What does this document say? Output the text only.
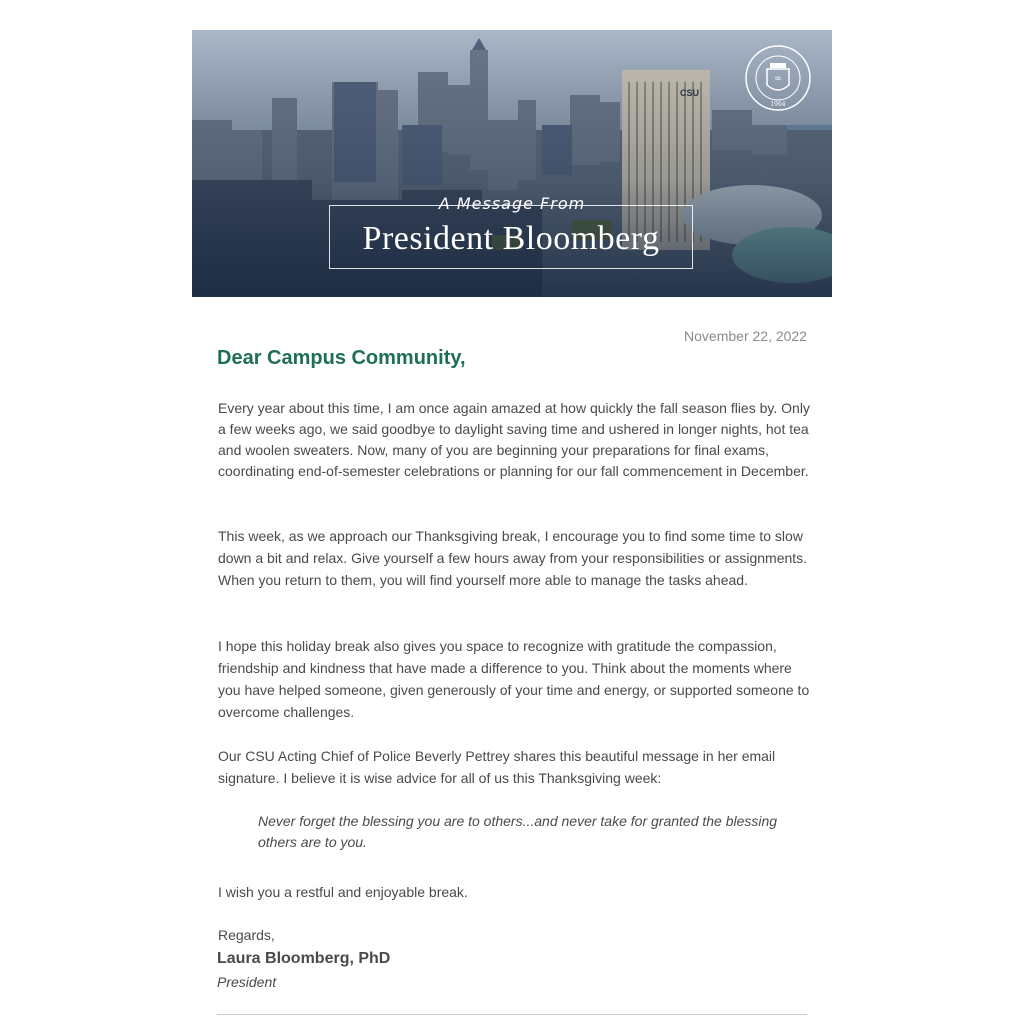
∞
1964
A Message From
President Bloomberg
November 22, 2022
Dear Campus Community,

Every year about this time, I am once again amazed at how quickly the fall season flies by. Only a few weeks ago, we said goodbye to daylight saving time and ushered in longer nights, hot tea and woolen sweaters. Now, many of you are beginning your preparations for final exams, coordinating end-of-semester celebrations or planning for our fall commencement in December.

This week, as we approach our Thanksgiving break, I encourage you to find some time to slow down a bit and relax. Give yourself a few hours away from your responsibilities or assignments. When you return to them, you will find yourself more able to manage the tasks ahead.

I hope this holiday break also gives you space to recognize with gratitude the compassion, friendship and kindness that have made a difference to you. Think about the moments where you have helped someone, given generously of your time and energy, or supported someone to overcome challenges.

Our CSU Acting Chief of Police Beverly Pettrey shares this beautiful message in her email signature. I believe it is wise advice for all of us this Thanksgiving week:

Never forget the blessing you are to others...and never take for granted the blessing others are to you.

I wish you a restful and enjoyable break.

Regards,
Laura Bloomberg, PhD
President
